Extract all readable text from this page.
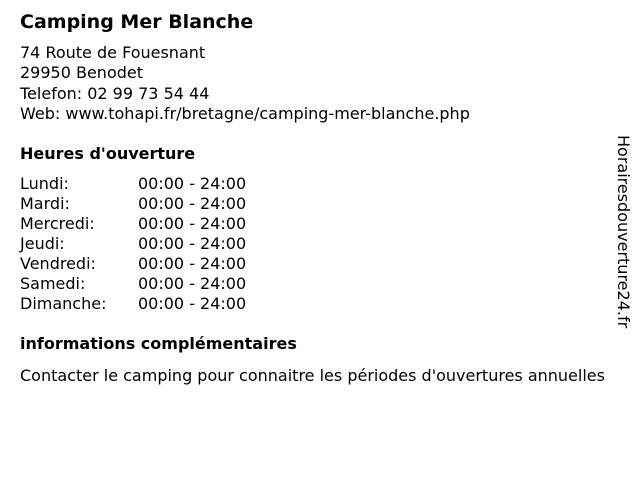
Camping Mer Blanche
74 Route de Fouesnant
29950 Benodet
Telefon: 02 99 73 54 44
Web: www.tohapi.fr/bretagne/camping-mer-blanche.php
Heures d'ouverture
Lundi:	00:00 - 24:00
Mardi:	00:00 - 24:00
Mercredi:	00:00 - 24:00
Jeudi:	00:00 - 24:00
Vendredi:	00:00 - 24:00
Samedi:	00:00 - 24:00
Dimanche:	00:00 - 24:00
informations complémentaires
Contacter le camping pour connaitre les périodes d'ouvertures annuelles
Horairesdouverture24.fr
